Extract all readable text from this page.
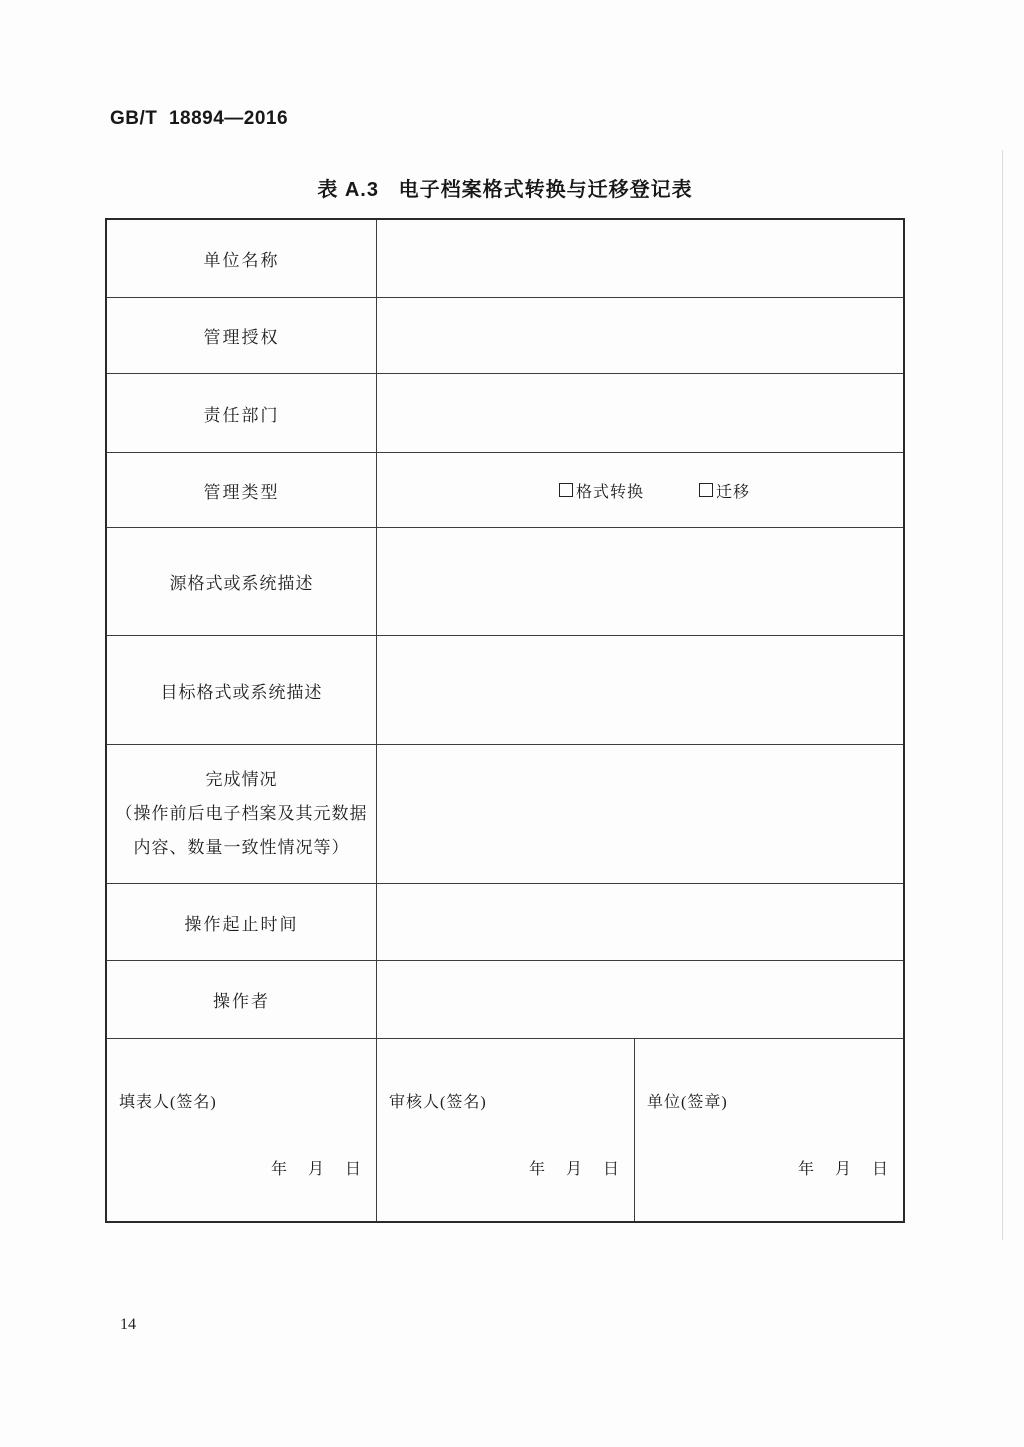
GB/T  18894—2016
表 A.3   电子档案格式转换与迁移登记表
单位名称
管理授权
责任部门
管理类型	格式转换	迁移
源格式或系统描述
目标格式或系统描述
完成情况
（操作前后电子档案及其元数据
内容、数量一致性情况等）
操作起止时间
操作者
填表人(签名)
年    月    日
审核人(签名)
年    月    日
单位(签章)
年    月    日
14
